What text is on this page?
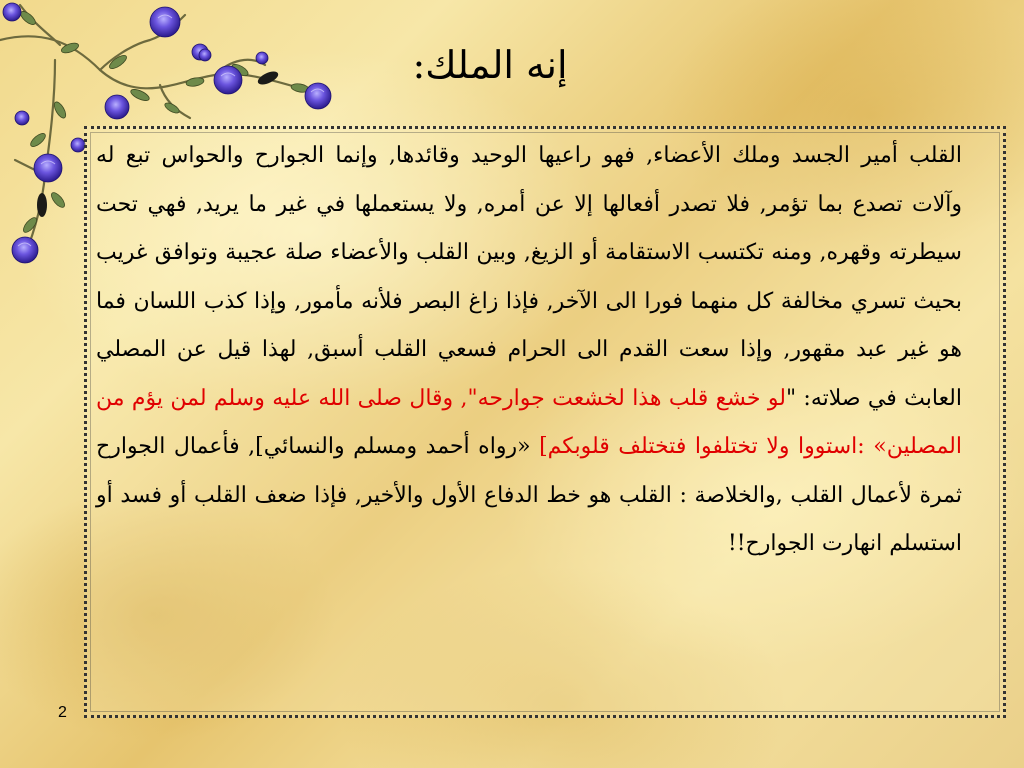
إنه الملك:
القلب أمير الجسد وملك الأعضاء, فهو راعيها الوحيد وقائدها, وإنما الجوارح والحواس تبع له وآلات تصدع بما تؤمر, فلا تصدر أفعالها إلا عن أمره, ولا يستعملها في غير ما يريد, فهي تحت سيطرته وقهره, ومنه تكتسب الاستقامة أو الزيغ, وبين القلب والأعضاء صلة عجيبة وتوافق غريب بحيث تسري مخالفة كل منهما فورا الى الآخر, فإذا زاغ البصر فلأنه مأمور, وإذا كذب اللسان فما هو غير عبد مقهور, وإذا سعت القدم الى الحرام فسعي القلب أسبق, لهذا قيل عن المصلي العابث في صلاته: "لو خشع قلب هذا لخشعت جوارحه", وقال صلى الله عليه وسلم لمن يؤم من المصلين» :استووا ولا تختلفوا فتختلف قلوبكم] «رواه أحمد ومسلم والنسائي], فأعمال الجوارح ثمرة لأعمال القلب ,والخلاصة : القلب هو خط الدفاع الأول والأخير, فإذا ضعف القلب أو فسد أو استسلم انهارت الجوارح!!
2
